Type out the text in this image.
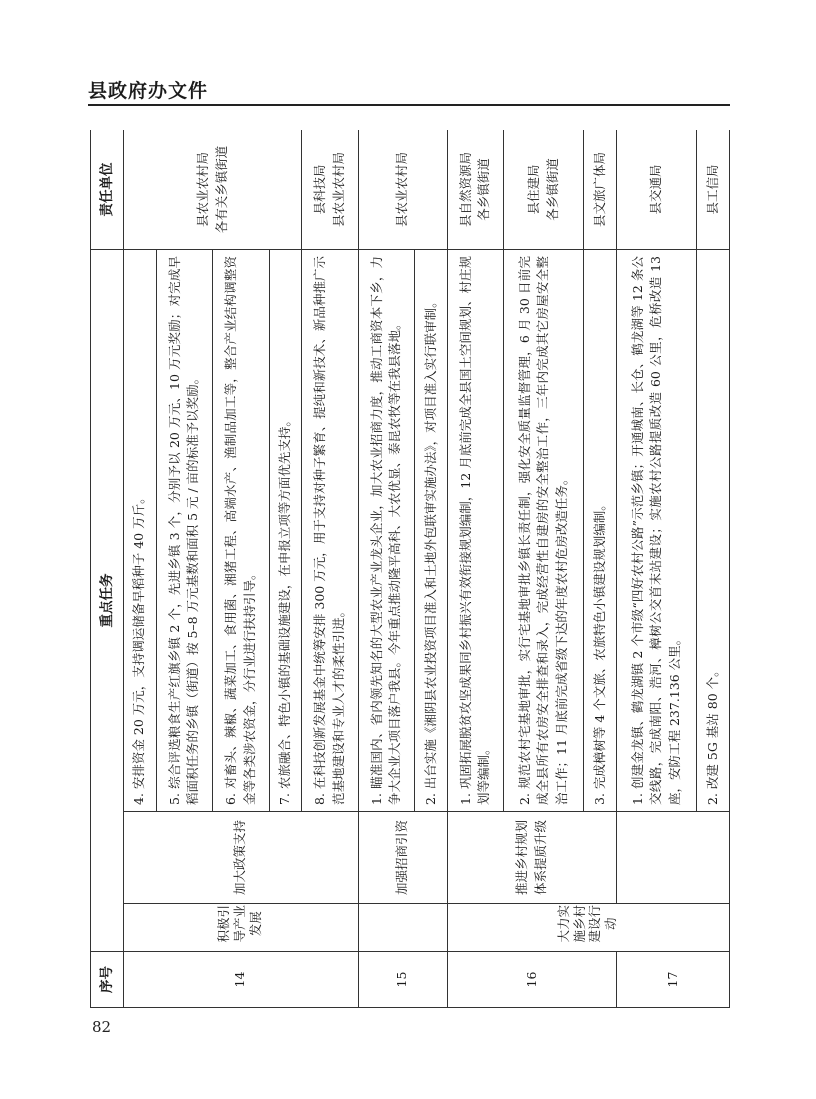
县政府办文件
序号	重点任务			责任单位
14	积极引导产业发展	加大政策支持	4. 安排资金 20 万元，支持调运储备早稻种子 40 万斤。	县农业农村局 各有关乡镇街道

			5. 综合评选粮食生产红旗乡镇 2 个，先进乡镇 3 个，分别予以 20 万元、10 万元奖励；对完成早稻面积任务的乡镇（街道）按 5–8 万元基数和面积 5 元 / 亩的标准予以奖励。	
			6. 对畜头、辣椒、蔬菜加工、食用菌、湘猪工程、高端水产、渔制品加工等，整合产业结构调整资金等各类涉农资金，分行业进行扶持引导。	
			7. 农旅融合、特色小镇的基础设施建设，在申报立项等方面优先支持。	
			8. 在科技创新发展基金中统筹安排 300 万元，用于支持对种子繁育、提纯和新技术、新品种推广示范基地建设和专业人才的柔性引进。	县科技局 县农业农村局

15		加强招商引资	1. 瞄准国内、省内领先知名的大型农业产业龙头企业，加大农业招商力度，推动工商资本下乡，力争大企业大项目落户我县。今年重点推动隆平高科、大农优显、泰昆农牧等在我县落地。	县农业农村局

			2. 出台实施《湘阴县农业投资项目准入和土地外包联审实施办法》，对项目准入实行联审制。	
16	大力实施乡村建设行动	推进乡村规划体系提质升级	1. 巩固拓展脱贫攻坚成果同乡村振兴有效衔接规划编制，12 月底前完成全县国土空间规划、村庄规划等编制。	县自然资源局 各乡镇街道

			2. 规范农村宅基地审批，实行宅基地审批乡镇长责任制，强化安全质量监督管理，6 月 30 日前完成全县所有农房安全排查和录入，完成经营性自建房的安全整治工作，三年内完成其它房屋安全整治工作；11 月底前完成省级下达的年度农村危房改造任务。	县住建局 各乡镇街道

			3. 完成樟树等 4 个文旅、农旅特色小镇建设规划编制。	县文旅广体局

17			1. 创建金龙镇、鹤龙湖镇 2 个市级“四好农村公路”示范乡镇；开通城南、长仓、鹤龙湖等 12 条公交线路，完成南阳、浩河、樟树公交首末站建设；实施农村公路提质改造 60 公里，危桥改造 13 座，安防工程 237.136 公里。	县交通局

			2. 改建 5G 基站 80 个。	县工信局
82
